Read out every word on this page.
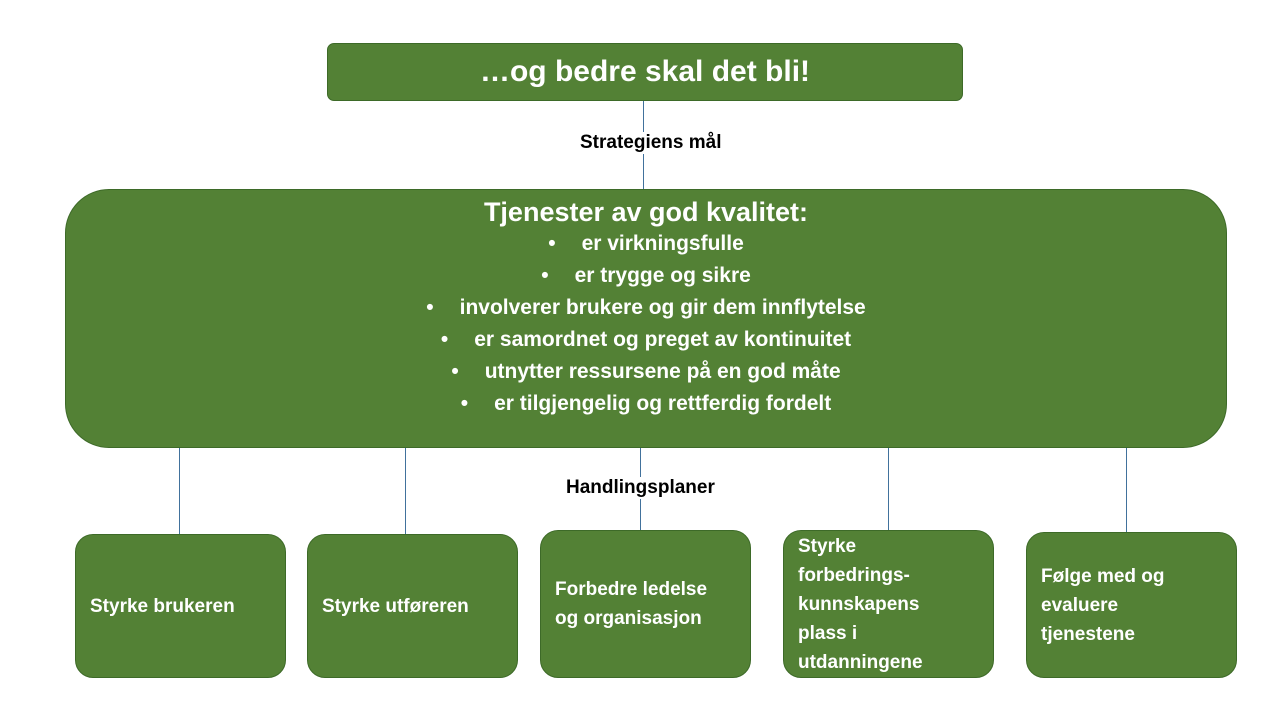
…og bedre skal det bli!
Strategiens mål
Tjenester av god kvalitet:
• er virkningsfulle
• er trygge og sikre
• involverer brukere og gir dem innflytelse
• er samordnet og preget av kontinuitet
• utnytter ressursene på en god måte
• er tilgjengelig og rettferdig fordelt
Handlingsplaner
Styrke brukeren	Styrke utføreren
Forbedre ledelse
og organisasjon
Styrke
forbedrings-
kunnskapens
plass i
utdanningene
Følge med og
evaluere
tjenestene
